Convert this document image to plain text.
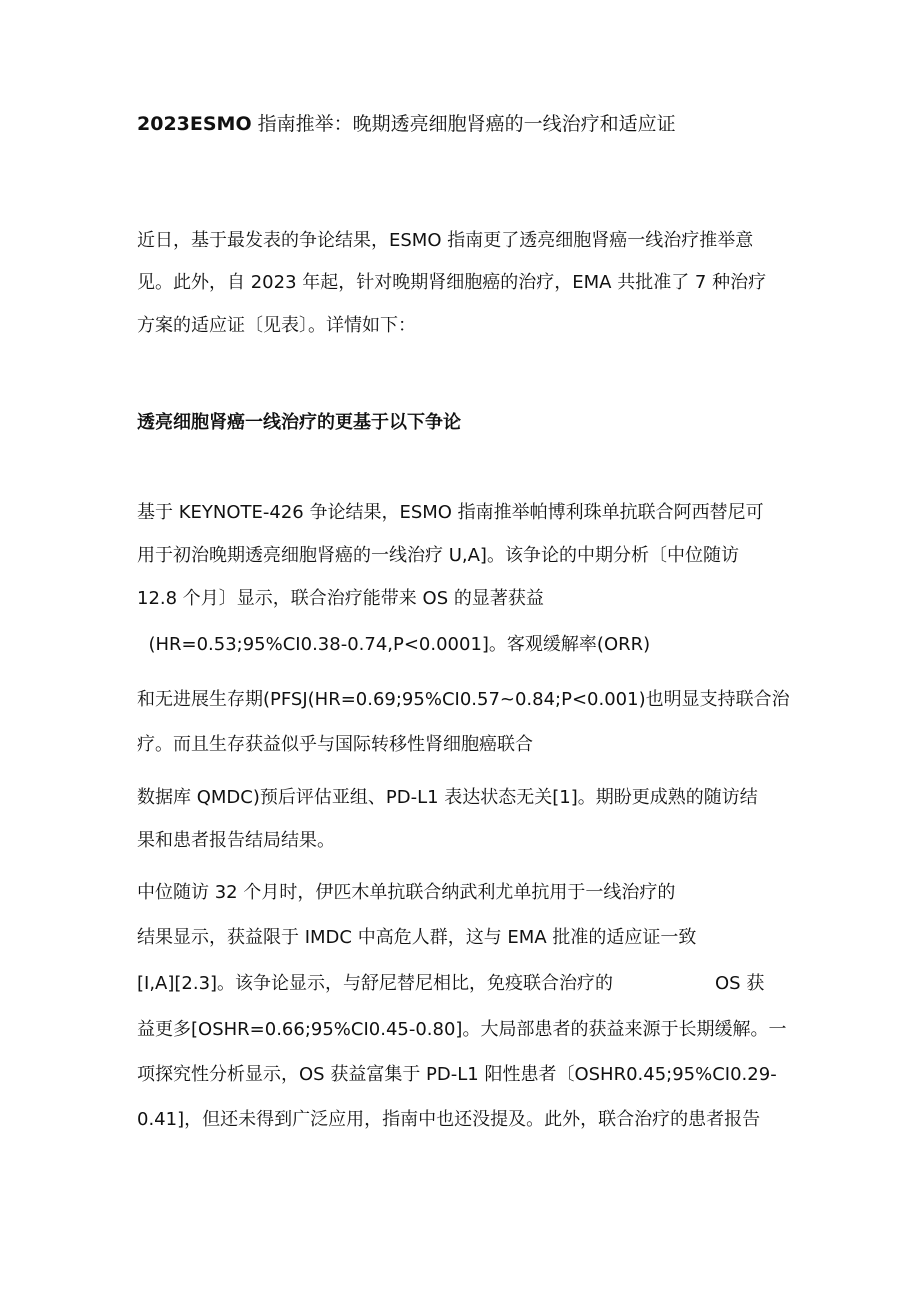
2023ESMO 指南推举：晚期透亮细胞肾癌的一线治疗和适应证
近日，基于最发表的争论结果，ESMO 指南更了透亮细胞肾癌一线治疗推举意
见。此外，自 2023 年起，针对晚期肾细胞癌的治疗，EMA 共批准了 7 种治疗
方案的适应证〔见表〕。详情如下：
透亮细胞肾癌一线治疗的更基于以下争论
基于 KEYNOTE-426 争论结果，ESMO 指南推举帕博利珠单抗联合阿西替尼可
用于初治晚期透亮细胞肾癌的一线治疗 U,A]。该争论的中期分析〔中位随访
12.8 个月〕显示，联合治疗能带来 OS 的显著获益
(HR=0.53;95%CI0.38-0.74,P<0.0001]。客观缓解率(ORR)
和无进展生存期(PFSJ(HR=0.69;95%CI0.57~0.84;P<0.001)也明显支持联合治
疗。而且生存获益似乎与国际转移性肾细胞癌联合
数据库 QMDC)预后评估亚组、PD-L1 表达状态无关[1]。期盼更成熟的随访结
果和患者报告结局结果。
中位随访 32 个月时，伊匹木单抗联合纳武利尤单抗用于一线治疗的
结果显示，获益限于 IMDC 中高危人群，这与 EMA 批准的适应证一致
[I,A][2.3]。该争论显示，与舒尼替尼相比，免疫联合治疗的	OS 获
益更多[OSHR=0.66;95%CI0.45-0.80]。大局部患者的获益来源于长期缓解。一
项探究性分析显示，OS 获益富集于 PD-L1 阳性患者〔OSHR0.45;95%CI0.29-
0.41]，但还未得到广泛应用，指南中也还没提及。此外，联合治疗的患者报告
